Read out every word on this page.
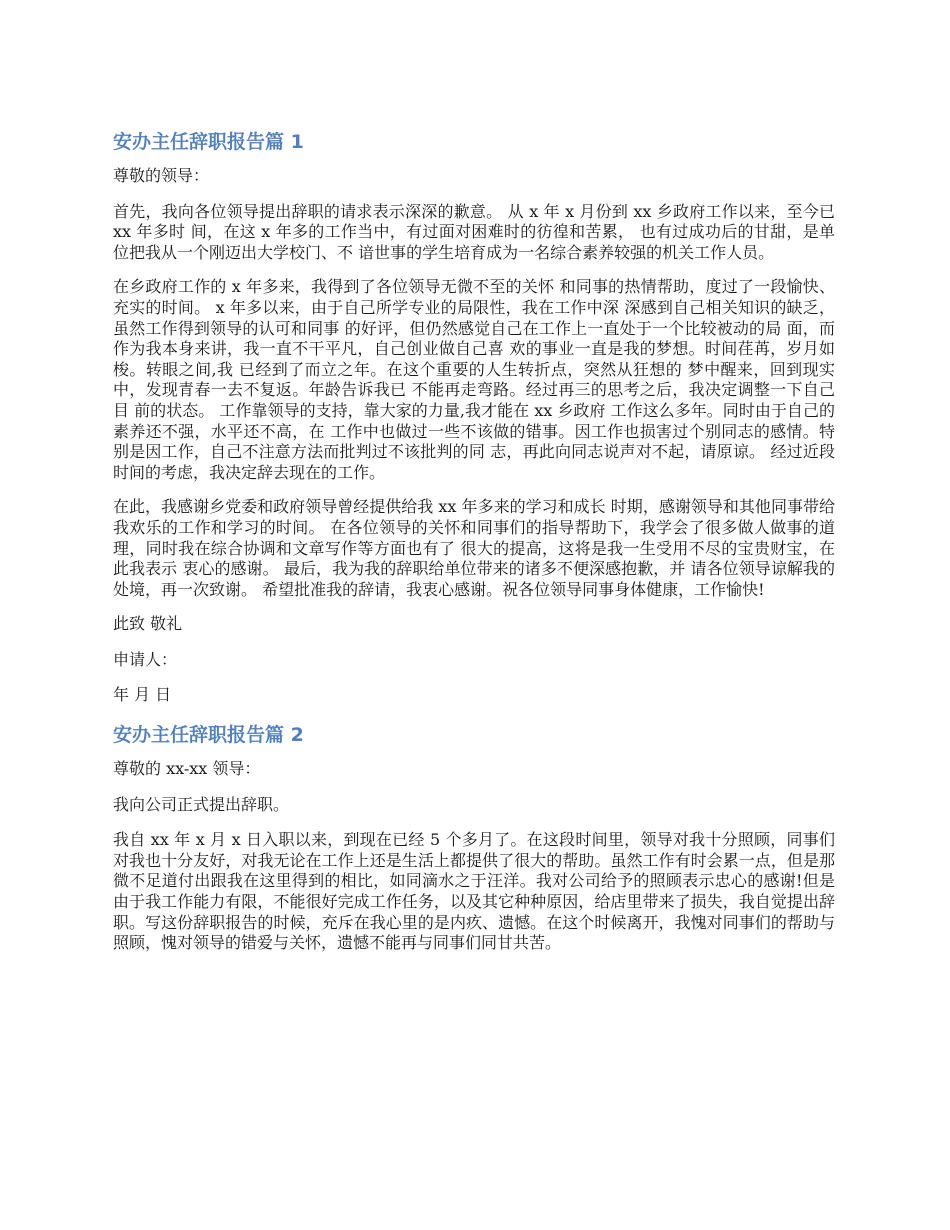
安办主任辞职报告篇 1

尊敬的领导：

首先，我向各位领导提出辞职的请求表示深深的歉意。 从 x 年 x 月份到 xx 乡政府工作以来，至今已 xx 年多时 间，在这 x 年多的工作当中，有过面对困难时的彷徨和苦累， 也有过成功后的甘甜，是单位把我从一个刚迈出大学校门、不 谙世事的学生培育成为一名综合素养较强的机关工作人员。

在乡政府工作的 x 年多来，我得到了各位领导无微不至的关怀 和同事的热情帮助，度过了一段愉快、充实的时间。 x 年多以来，由于自己所学专业的局限性，我在工作中深 深感到自己相关知识的缺乏，虽然工作得到领导的认可和同事 的好评，但仍然感觉自己在工作上一直处于一个比较被动的局 面，而作为我本身来讲，我一直不干平凡，自己创业做自己喜 欢的事业一直是我的梦想。时间荏苒，岁月如梭。转眼之间,我 已经到了而立之年。在这个重要的人生转折点，突然从狂想的 梦中醒来，回到现实中，发现青春一去不复返。年龄告诉我已 不能再走弯路。经过再三的思考之后，我决定调整一下自己目 前的状态。 工作靠领导的支持，靠大家的力量,我才能在 xx 乡政府 工作这么多年。同时由于自己的素养还不强，水平还不高，在 工作中也做过一些不该做的错事。因工作也损害过个别同志的感情。特别是因工作，自己不注意方法而批判过不该批判的同 志，再此向同志说声对不起，请原谅。 经过近段时间的考虑，我决定辞去现在的工作。

在此，我感谢乡党委和政府领导曾经提供给我 xx 年多来的学习和成长 时期，感谢领导和其他同事带给我欢乐的工作和学习的时间。 在各位领导的关怀和同事们的指导帮助下，我学会了很多做人做事的道理，同时我在综合协调和文章写作等方面也有了 很大的提高，这将是我一生受用不尽的宝贵财宝，在此我表示 衷心的感谢。 最后，我为我的辞职给单位带来的诸多不便深感抱歉，并 请各位领导谅解我的处境，再一次致谢。 希望批准我的辞请，我衷心感谢。祝各位领导同事身体健康，工作愉快!

此致 敬礼

申请人：

年 月 日

安办主任辞职报告篇 2

尊敬的 xx-xx 领导：

我向公司正式提出辞职。

我自 xx 年 x 月 x 日入职以来，到现在已经 5 个多月了。在这段时间里，领导对我十分照顾，同事们对我也十分友好，对我无论在工作上还是生活上都提供了很大的帮助。虽然工作有时会累一点，但是那微不足道付出跟我在这里得到的相比，如同滴水之于汪洋。我对公司给予的照顾表示忠心的感谢!但是由于我工作能力有限，不能很好完成工作任务，以及其它种种原因，给店里带来了损失，我自觉提出辞职。写这份辞职报告的时候，充斥在我心里的是内疚、遗憾。在这个时候离开，我愧对同事们的帮助与照顾，愧对领导的错爱与关怀，遗憾不能再与同事们同甘共苦。
